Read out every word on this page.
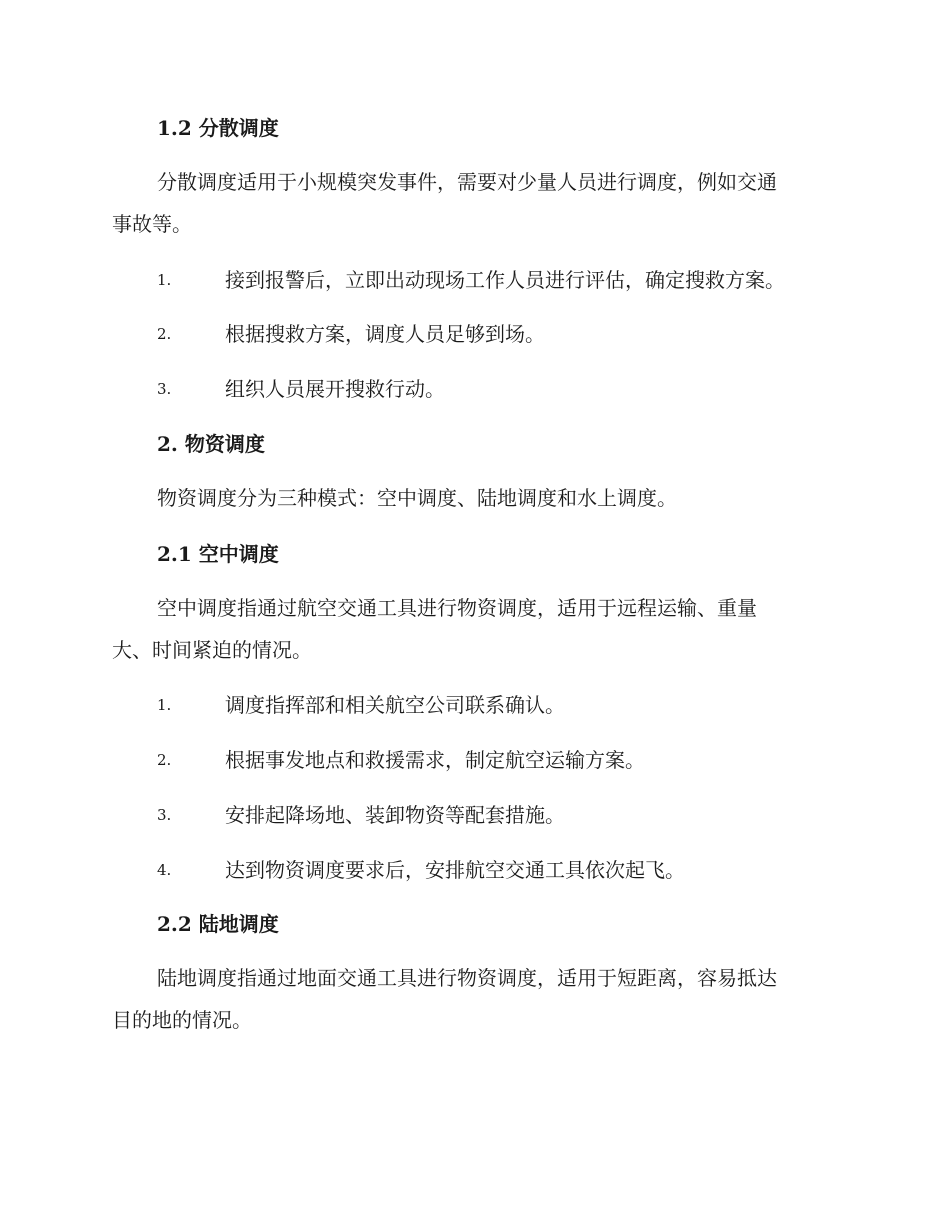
1.2 分散调度
分散调度适用于小规模突发事件，需要对少量人员进行调度，例如交通
事故等。
1.	接到报警后，立即出动现场工作人员进行评估，确定搜救方案。
2.	根据搜救方案，调度人员足够到场。
3.	组织人员展开搜救行动。
2. 物资调度
物资调度分为三种模式：空中调度、陆地调度和水上调度。
2.1 空中调度
空中调度指通过航空交通工具进行物资调度，适用于远程运输、重量
大、时间紧迫的情况。
1.	调度指挥部和相关航空公司联系确认。
2.	根据事发地点和救援需求，制定航空运输方案。
3.	安排起降场地、装卸物资等配套措施。
4.	达到物资调度要求后，安排航空交通工具依次起飞。
2.2 陆地调度
陆地调度指通过地面交通工具进行物资调度，适用于短距离，容易抵达
目的地的情况。
